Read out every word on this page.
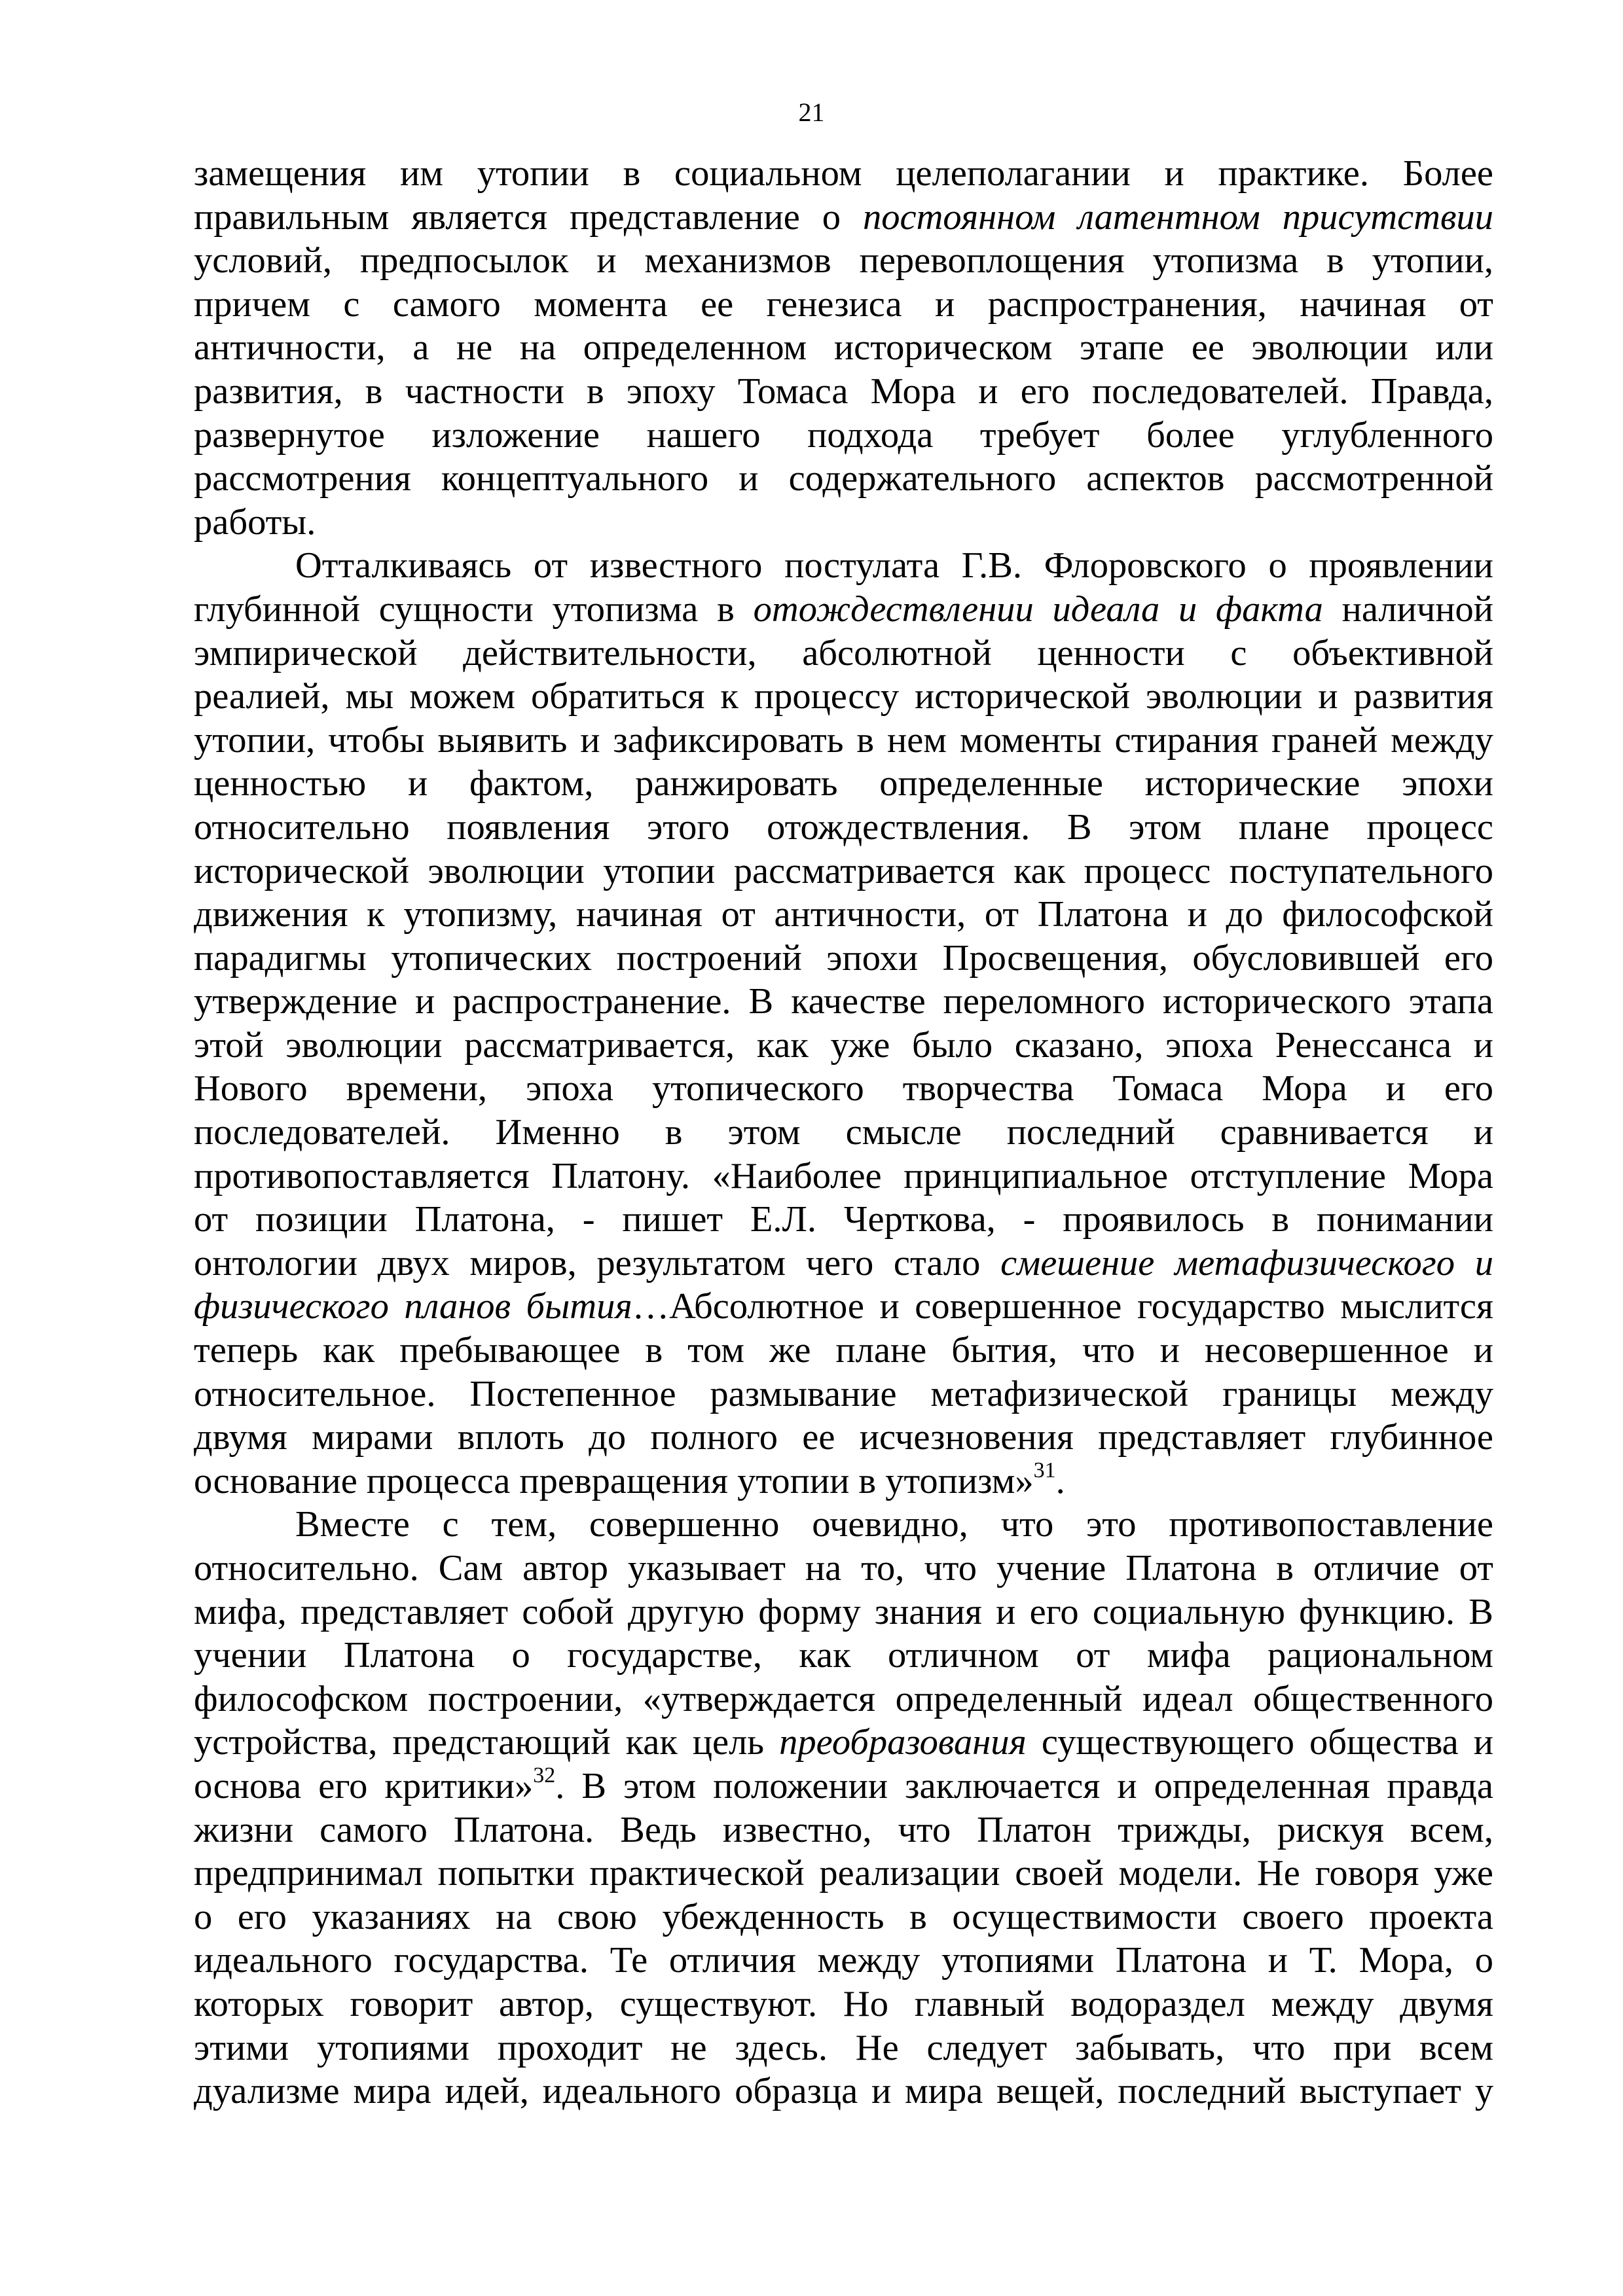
21
замещения им утопии в социальном целеполагании и практике. Более
правильным является представление о постоянном латентном присутствии
условий, предпосылок и механизмов перевоплощения утопизма в утопии,
причем с самого момента ее генезиса и распространения, начиная от
античности, а не на определенном историческом этапе ее эволюции или
развития, в частности в эпоху Томаса Мора и его последователей. Правда,
развернутое изложение нашего подхода требует более углубленного
рассмотрения концептуального и содержательного аспектов рассмотренной
работы.
Отталкиваясь от известного постулата Г.В. Флоровского о проявлении
глубинной сущности утопизма в отождествлении идеала и факта наличной
эмпирической действительности, абсолютной ценности с объективной
реалией, мы можем обратиться к процессу исторической эволюции и развития
утопии, чтобы выявить и зафиксировать в нем моменты стирания граней между
ценностью и фактом, ранжировать определенные исторические эпохи
относительно появления этого отождествления. В этом плане процесс
исторической эволюции утопии рассматривается как процесс поступательного
движения к утопизму, начиная от античности, от Платона и до философской
парадигмы утопических построений эпохи Просвещения, обусловившей его
утверждение и распространение. В качестве переломного исторического этапа
этой эволюции рассматривается, как уже было сказано, эпоха Ренессанса и
Нового времени, эпоха утопического творчества Томаса Мора и его
последователей. Именно в этом смысле последний сравнивается и
противопоставляется Платону. «Наиболее принципиальное отступление Мора
от позиции Платона, - пишет Е.Л. Черткова, - проявилось в понимании
онтологии двух миров, результатом чего стало смешение метафизического и
физического планов бытия…Абсолютное и совершенное государство мыслится
теперь как пребывающее в том же плане бытия, что и несовершенное и
относительное. Постепенное размывание метафизической границы между
двумя мирами вплоть до полного ее исчезновения представляет глубинное
основание процесса превращения утопии в утопизм»$^{31}$.
Вместе с тем, совершенно очевидно, что это противопоставление
относительно. Сам автор указывает на то, что учение Платона в отличие от
мифа, представляет собой другую форму знания и его социальную функцию. В
учении Платона о государстве, как отличном от мифа рациональном
философском построении, «утверждается определенный идеал общественного
устройства, предстающий как цель преобразования существующего общества и
основа его критики»$^{32}$. В этом положении заключается и определенная правда
жизни самого Платона. Ведь известно, что Платон трижды, рискуя всем,
предпринимал попытки практической реализации своей модели. Не говоря уже
о его указаниях на свою убежденность в осуществимости своего проекта
идеального государства. Те отличия между утопиями Платона и Т. Мора, о
которых говорит автор, существуют. Но главный водораздел между двумя
этими утопиями проходит не здесь. Не следует забывать, что при всем
дуализме мира идей, идеального образца и мира вещей, последний выступает у
